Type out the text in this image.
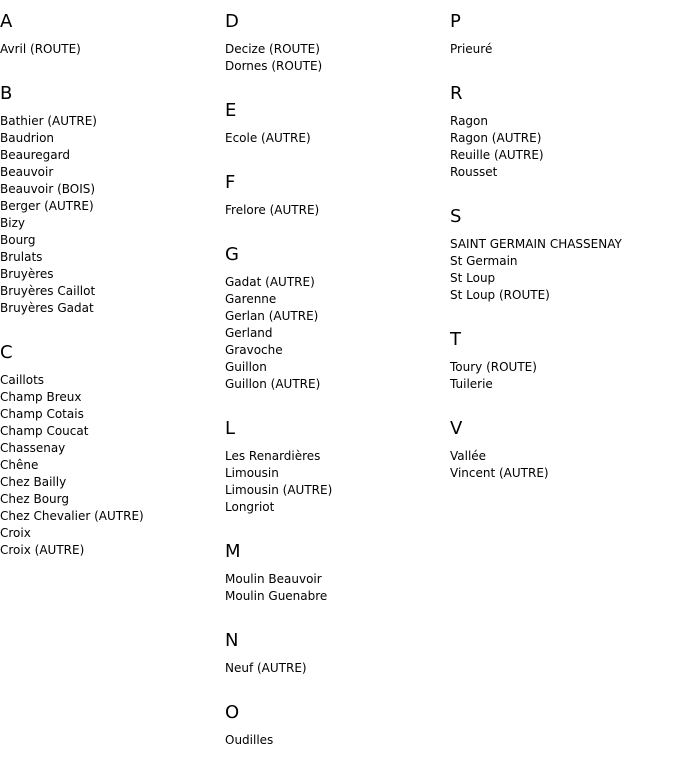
A
Avril (ROUTE)
B
Bathier (AUTRE)
Baudrion
Beauregard
Beauvoir
Beauvoir (BOIS)
Berger (AUTRE)
Bizy
Bourg
Brulats
Bruyères
Bruyères Caillot
Bruyères Gadat
C
Caillots
Champ Breux
Champ Cotais
Champ Coucat
Chassenay
Chêne
Chez Bailly
Chez Bourg
Chez Chevalier (AUTRE)
Croix
Croix (AUTRE)
D
Decize (ROUTE)
Dornes (ROUTE)
E
Ecole (AUTRE)
F
Frelore (AUTRE)
G
Gadat (AUTRE)
Garenne
Gerlan (AUTRE)
Gerland
Gravoche
Guillon
Guillon (AUTRE)
L
Les Renardières
Limousin
Limousin (AUTRE)
Longriot
M
Moulin Beauvoir
Moulin Guenabre
N
Neuf (AUTRE)
O
Oudilles
P
Prieuré
R
Ragon
Ragon (AUTRE)
Reuille (AUTRE)
Rousset
S
SAINT GERMAIN CHASSENAY
St Germain
St Loup
St Loup (ROUTE)
T
Toury (ROUTE)
Tuilerie
V
Vallée
Vincent (AUTRE)
